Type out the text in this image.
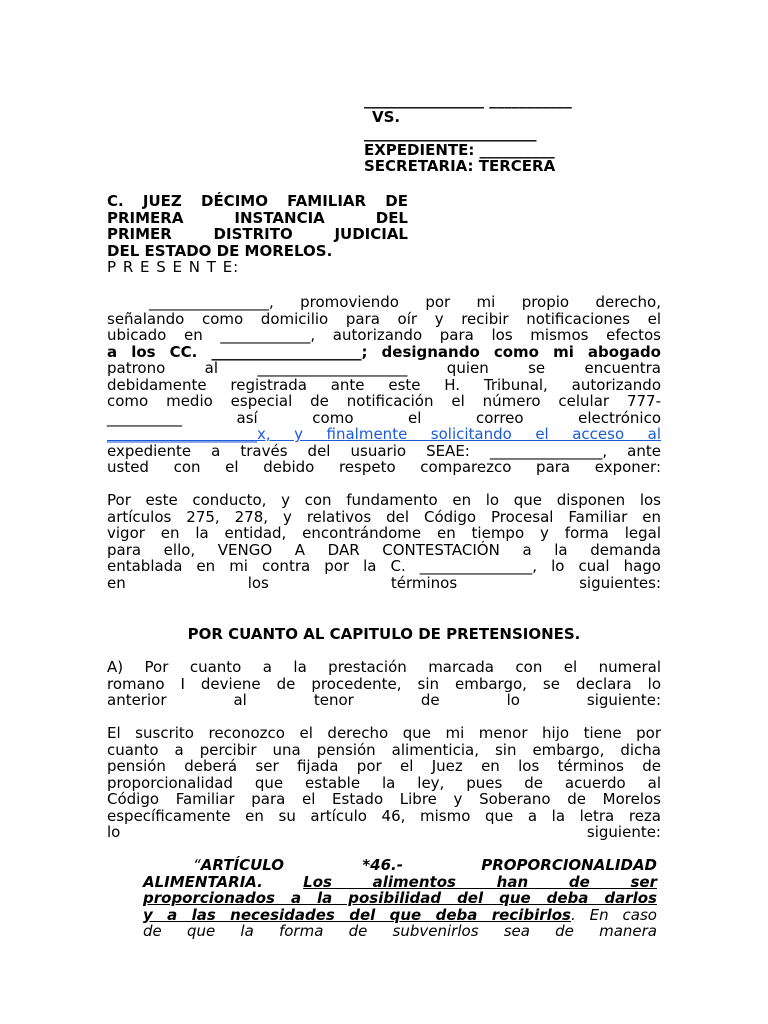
________________ ___________
VS.
_______________________
EXPEDIENTE: __________
SECRETARIA: TERCERA
C. JUEZ DÉCIMO FAMILIAR DE
PRIMERA INSTANCIA DEL
PRIMER DISTRITO JUDICIAL
DEL ESTADO DE MORELOS.
P R E S E N T E:
________________, promoviendo por mi propio derecho,
señalando como domicilio para oír y recibir notificaciones el
ubicado en ____________, autorizando para los mismos efectos
a los CC. ____________________; designando como mi abogado
patrono al ____________________ quien se encuentra
debidamente registrada ante este H. Tribunal, autorizando
como medio especial de notificación el número celular 777-
__________ así como el correo electrónico
____________________x, y finalmente solicitando el acceso al
expediente a través del usuario SEAE: _______________, ante
usted con el debido respeto comparezco para exponer:
Por este conducto, y con fundamento en lo que disponen los
artículos 275, 278, y relativos del Código Procesal Familiar en
vigor en la entidad, encontrándome en tiempo y forma legal
para ello, VENGO A DAR CONTESTACIÓN a la demanda
entablada en mi contra por la C. _______________, lo cual hago
en los términos siguientes:
POR CUANTO AL CAPITULO DE PRETENSIONES.
A) Por cuanto a la prestación marcada con el numeral
romano I deviene de procedente, sin embargo, se declara lo
anterior al tenor de lo siguiente:
El suscrito reconozco el derecho que mi menor hijo tiene por
cuanto a percibir una pensión alimenticia, sin embargo, dicha
pensión deberá ser fijada por el Juez en los términos de
proporcionalidad que estable la ley, pues de acuerdo al
Código Familiar para el Estado Libre y Soberano de Morelos
específicamente en su artículo 46, mismo que a la letra reza
lo siguiente:
“ARTÍCULO *46.- PROPORCIONALIDAD
ALIMENTARIA.	Los alimentos han de ser
proporcionados a la posibilidad del que deba darlos
y a las necesidades del que deba recibirlos. En caso
de que la forma de subvenirlos sea de manera
